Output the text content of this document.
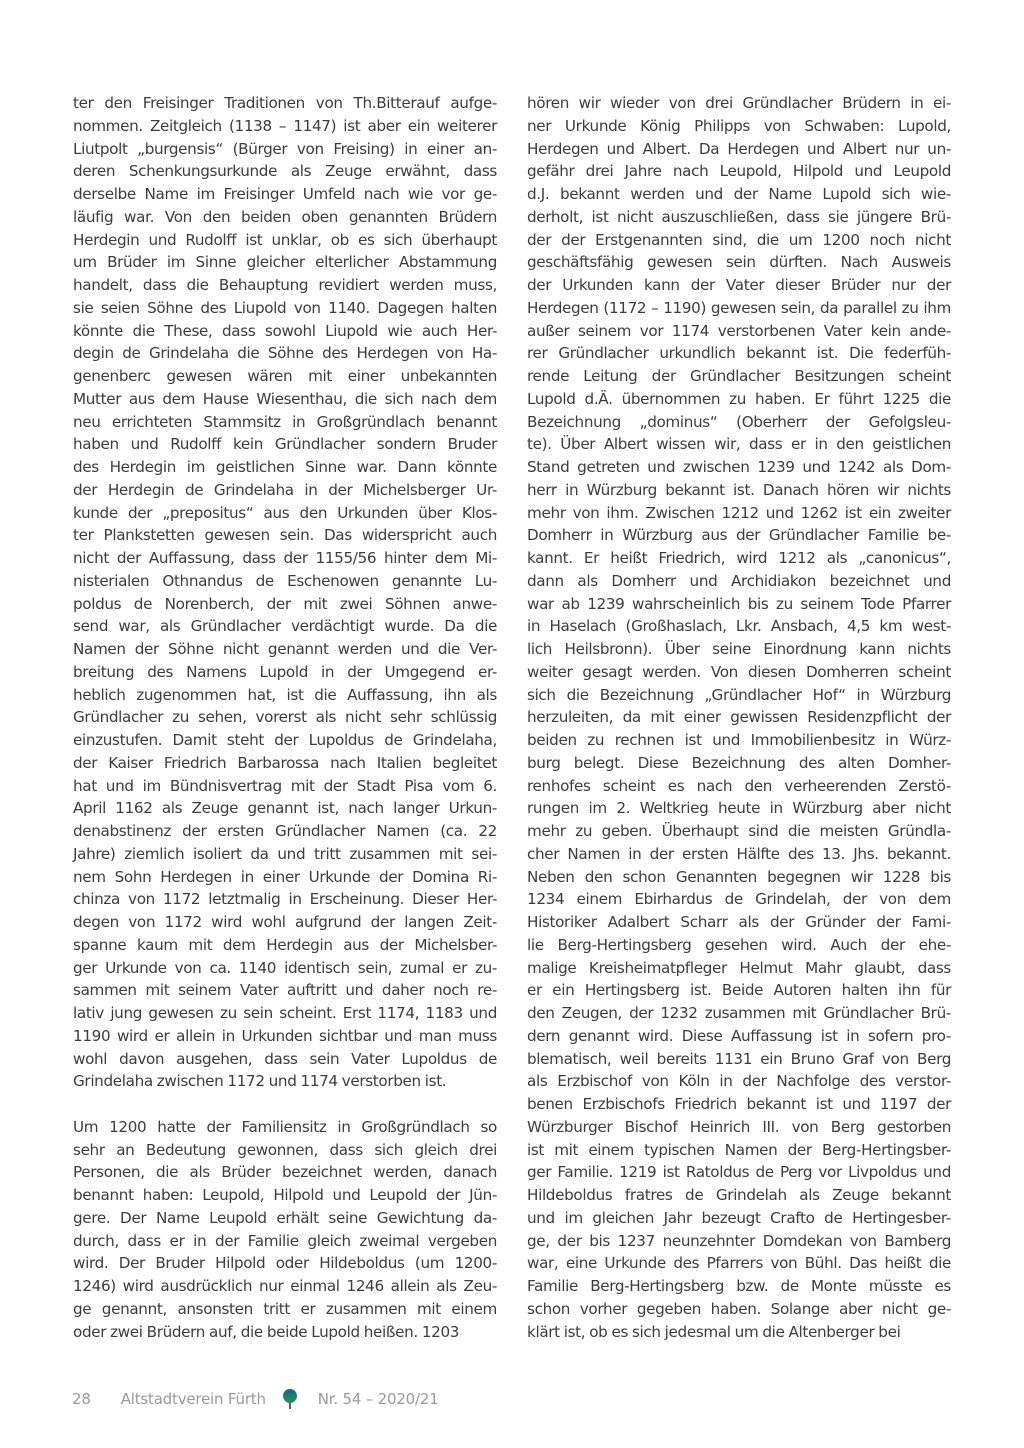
ter den Freisinger Traditionen von Th.Bitterauf aufge-
nommen. Zeitgleich (1138 – 1147) ist aber ein weiterer
Liutpolt „burgensis“ (Bürger von Freising) in einer an-
deren Schenkungsurkunde als Zeuge erwähnt, dass
derselbe Name im Freisinger Umfeld nach wie vor ge-
läufig war. Von den beiden oben genannten Brüdern
Herdegin und Rudolff ist unklar, ob es sich überhaupt
um Brüder im Sinne gleicher elterlicher Abstammung
handelt, dass die Behauptung revidiert werden muss,
sie seien Söhne des Liupold von 1140. Dagegen halten
könnte die These, dass sowohl Liupold wie auch Her-
degin de Grindelaha die Söhne des Herdegen von Ha-
genenberc gewesen wären mit einer unbekannten
Mutter aus dem Hause Wiesenthau, die sich nach dem
neu errichteten Stammsitz in Großgründlach benannt
haben und Rudolff kein Gründlacher sondern Bruder
des Herdegin im geistlichen Sinne war. Dann könnte
der Herdegin de Grindelaha in der Michelsberger Ur-
kunde der „prepositus“ aus den Urkunden über Klos-
ter Plankstetten gewesen sein. Das widerspricht auch
nicht der Auffassung, dass der 1155/56 hinter dem Mi-
nisterialen Othnandus de Eschenowen genannte Lu-
poldus de Norenberch, der mit zwei Söhnen anwe-
send war, als Gründlacher verdächtigt wurde. Da die
Namen der Söhne nicht genannt werden und die Ver-
breitung des Namens Lupold in der Umgegend er-
heblich zugenommen hat, ist die Auffassung, ihn als
Gründlacher zu sehen, vorerst als nicht sehr schlüssig
einzustufen. Damit steht der Lupoldus de Grindelaha,
der Kaiser Friedrich Barbarossa nach Italien begleitet
hat und im Bündnisvertrag mit der Stadt Pisa vom 6.
April 1162 als Zeuge genannt ist, nach langer Urkun-
denabstinenz der ersten Gründlacher Namen (ca. 22
Jahre) ziemlich isoliert da und tritt zusammen mit sei-
nem Sohn Herdegen in einer Urkunde der Domina Ri-
chinza von 1172 letztmalig in Erscheinung. Dieser Her-
degen von 1172 wird wohl aufgrund der langen Zeit-
spanne kaum mit dem Herdegin aus der Michelsber-
ger Urkunde von ca. 1140 identisch sein, zumal er zu-
sammen mit seinem Vater auftritt und daher noch re-
lativ jung gewesen zu sein scheint. Erst 1174, 1183 und
1190 wird er allein in Urkunden sichtbar und man muss
wohl davon ausgehen, dass sein Vater Lupoldus de
Grindelaha zwischen 1172 und 1174 verstorben ist.
Um 1200 hatte der Familiensitz in Großgründlach so
sehr an Bedeutung gewonnen, dass sich gleich drei
Personen, die als Brüder bezeichnet werden, danach
benannt haben: Leupold, Hilpold und Leupold der Jün-
gere. Der Name Leupold erhält seine Gewichtung da-
durch, dass er in der Familie gleich zweimal vergeben
wird. Der Bruder Hilpold oder Hildeboldus (um 1200-
1246) wird ausdrücklich nur einmal 1246 allein als Zeu-
ge genannt, ansonsten tritt er zusammen mit einem
oder zwei Brüdern auf, die beide Lupold heißen. 1203
hören wir wieder von drei Gründlacher Brüdern in ei-
ner Urkunde König Philipps von Schwaben: Lupold,
Herdegen und Albert. Da Herdegen und Albert nur un-
gefähr drei Jahre nach Leupold, Hilpold und Leupold
d.J. bekannt werden und der Name Lupold sich wie-
derholt, ist nicht auszuschließen, dass sie jüngere Brü-
der der Erstgenannten sind, die um 1200 noch nicht
geschäftsfähig gewesen sein dürften. Nach Ausweis
der Urkunden kann der Vater dieser Brüder nur der
Herdegen (1172 – 1190) gewesen sein, da parallel zu ihm
außer seinem vor 1174 verstorbenen Vater kein ande-
rer Gründlacher urkundlich bekannt ist. Die federfüh-
rende Leitung der Gründlacher Besitzungen scheint
Lupold d.Ä. übernommen zu haben. Er führt 1225 die
Bezeichnung „dominus“ (Oberherr der Gefolgsleu-
te). Über Albert wissen wir, dass er in den geistlichen
Stand getreten und zwischen 1239 und 1242 als Dom-
herr in Würzburg bekannt ist. Danach hören wir nichts
mehr von ihm. Zwischen 1212 und 1262 ist ein zweiter
Domherr in Würzburg aus der Gründlacher Familie be-
kannt. Er heißt Friedrich, wird 1212 als „canonicus“,
dann als Domherr und Archidiakon bezeichnet und
war ab 1239 wahrscheinlich bis zu seinem Tode Pfarrer
in Haselach (Großhaslach, Lkr. Ansbach, 4,5 km west-
lich Heilsbronn). Über seine Einordnung kann nichts
weiter gesagt werden. Von diesen Domherren scheint
sich die Bezeichnung „Gründlacher Hof“ in Würzburg
herzuleiten, da mit einer gewissen Residenzpflicht der
beiden zu rechnen ist und Immobilienbesitz in Würz-
burg belegt. Diese Bezeichnung des alten Domher-
renhofes scheint es nach den verheerenden Zerstö-
rungen im 2. Weltkrieg heute in Würzburg aber nicht
mehr zu geben. Überhaupt sind die meisten Gründla-
cher Namen in der ersten Hälfte des 13. Jhs. bekannt.
Neben den schon Genannten begegnen wir 1228 bis
1234 einem Ebirhardus de Grindelah, der von dem
Historiker Adalbert Scharr als der Gründer der Fami-
lie Berg-Hertingsberg gesehen wird. Auch der ehe-
malige Kreisheimatpfleger Helmut Mahr glaubt, dass
er ein Hertingsberg ist. Beide Autoren halten ihn für
den Zeugen, der 1232 zusammen mit Gründlacher Brü-
dern genannt wird. Diese Auffassung ist in sofern pro-
blematisch, weil bereits 1131 ein Bruno Graf von Berg
als Erzbischof von Köln in der Nachfolge des verstor-
benen Erzbischofs Friedrich bekannt ist und 1197 der
Würzburger Bischof Heinrich III. von Berg gestorben
ist mit einem typischen Namen der Berg-Hertingsber-
ger Familie. 1219 ist Ratoldus de Perg vor Livpoldus und
Hildeboldus fratres de Grindelah als Zeuge bekannt
und im gleichen Jahr bezeugt Crafto de Hertingesber-
ge, der bis 1237 neunzehnter Domdekan von Bamberg
war, eine Urkunde des Pfarrers von Bühl. Das heißt die
Familie Berg-Hertingsberg bzw. de Monte müsste es
schon vorher gegeben haben. Solange aber nicht ge-
klärt ist, ob es sich jedesmal um die Altenberger bei
28 Altstadtverein Fürth	Nr. 54 – 2020/21
